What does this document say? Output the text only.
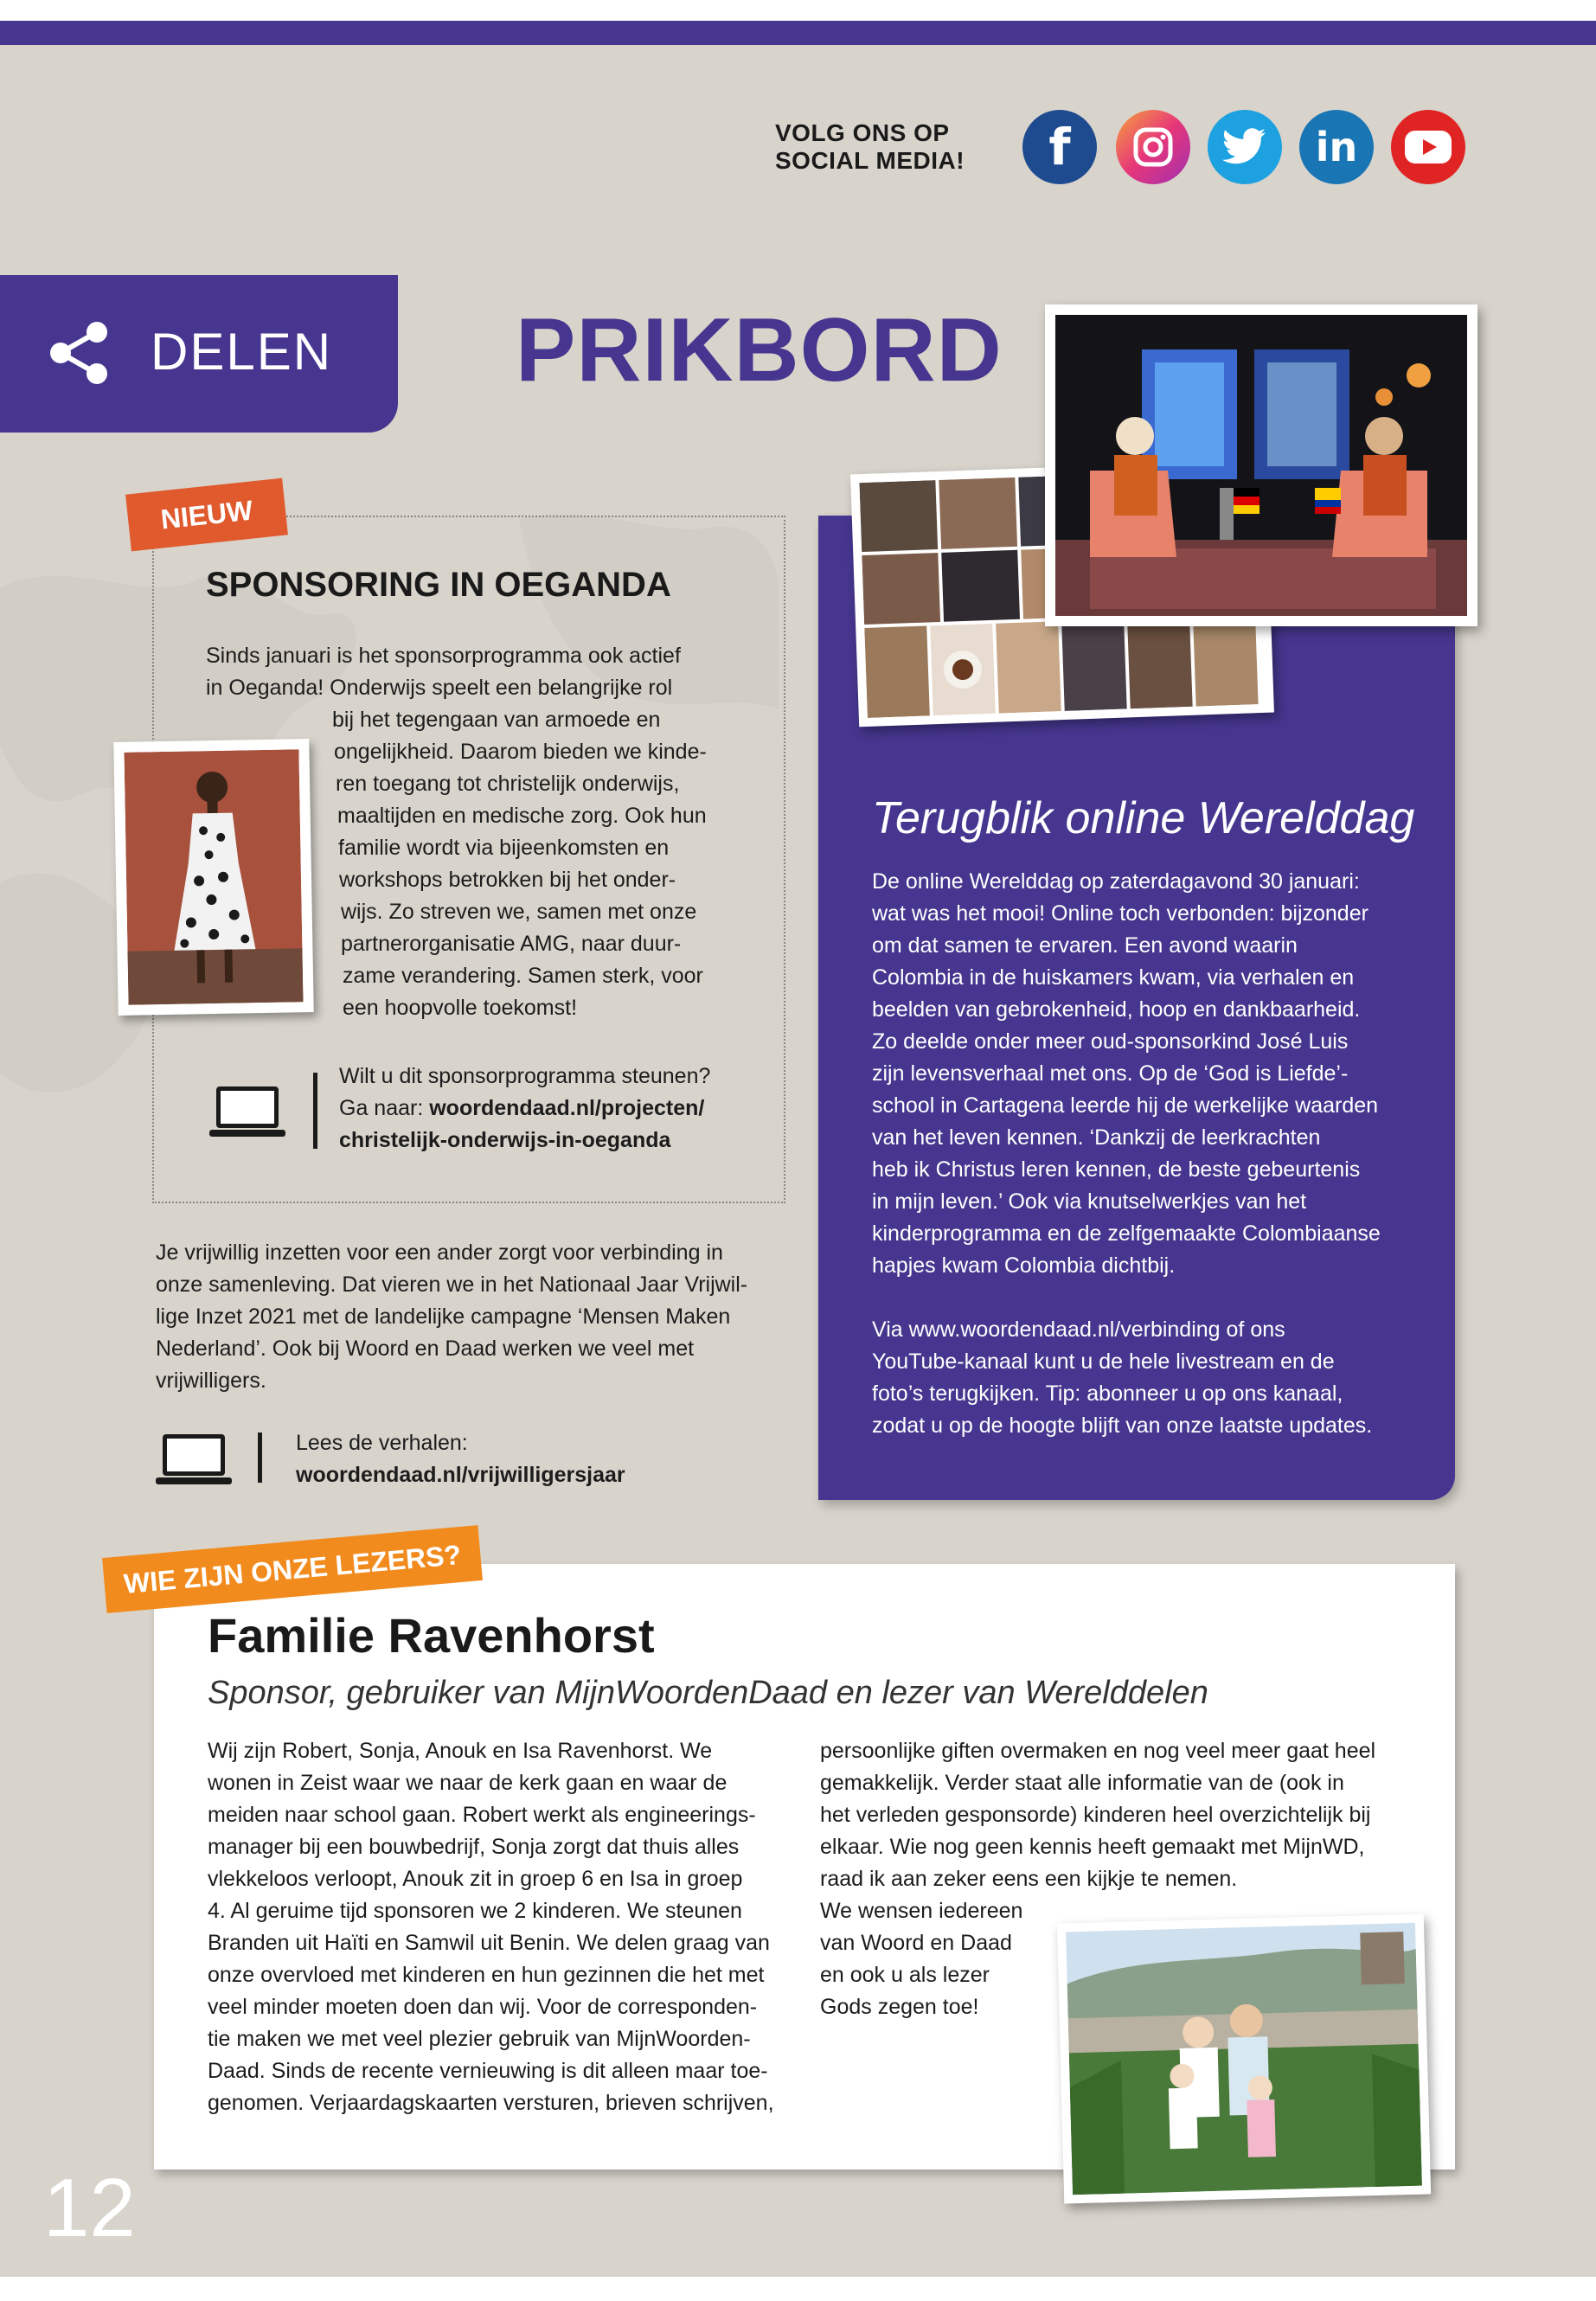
VOLG ONS OP
SOCIAL MEDIA!	f	in
DELEN PRIKBORD
NIEUW
SPONSORING IN OEGANDA
Sinds januari is het sponsorprogramma ook actief
in Oeganda! Onderwijs speelt een belangrijke rol
bij het tegengaan van armoede en
ongelijkheid. Daarom bieden we kinde-
ren toegang tot christelijk onderwijs,
maaltijden en medische zorg. Ook hun
familie wordt via bijeenkomsten en
workshops betrokken bij het onder-
wijs. Zo streven we, samen met onze
partnerorganisatie AMG, naar duur-
zame verandering. Samen sterk, voor
een hoopvolle toekomst!
Wilt u dit sponsorprogramma steunen?
Ga naar: woordendaad.nl/projecten/
christelijk-onderwijs-in-oeganda
Je vrijwillig inzetten voor een ander zorgt voor verbinding in
onze samenleving. Dat vieren we in het Nationaal Jaar Vrijwil-
lige Inzet 2021 met de landelijke campagne ‘Mensen Maken
Nederland’. Ook bij Woord en Daad werken we veel met
vrijwilligers.
Lees de verhalen:
woordendaad.nl/vrijwilligersjaar
Terugblik online Werelddag
De online Werelddag op zaterdagavond 30 januari:
wat was het mooi! Online toch verbonden: bijzonder
om dat samen te ervaren. Een avond waarin
Colombia in de huiskamers kwam, via verhalen en
beelden van gebrokenheid, hoop en dankbaarheid.
Zo deelde onder meer oud-sponsorkind José Luis
zijn levensverhaal met ons. Op de ‘God is Liefde’-
school in Cartagena leerde hij de werkelijke waarden
van het leven kennen. ‘Dankzij de leerkrachten
heb ik Christus leren kennen, de beste gebeurtenis
in mijn leven.’ Ook via knutselwerkjes van het
kinderprogramma en de zelfgemaakte Colombiaanse
hapjes kwam Colombia dichtbij.
Via www.woordendaad.nl/verbinding of ons
YouTube-kanaal kunt u de hele livestream en de
foto’s terugkijken. Tip: abonneer u op ons kanaal,
zodat u op de hoogte blijft van onze laatste updates.
WIE ZIJN ONZE LEZERS?
Familie Ravenhorst
Sponsor, gebruiker van MijnWoordenDaad en lezer van Werelddelen
Wij zijn Robert, Sonja, Anouk en Isa Ravenhorst. We
wonen in Zeist waar we naar de kerk gaan en waar de
meiden naar school gaan. Robert werkt als engineerings-
manager bij een bouwbedrijf, Sonja zorgt dat thuis alles
vlekkeloos verloopt, Anouk zit in groep 6 en Isa in groep
4. Al geruime tijd sponsoren we 2 kinderen. We steunen
Branden uit Haïti en Samwil uit Benin. We delen graag van
onze overvloed met kinderen en hun gezinnen die het met
veel minder moeten doen dan wij. Voor de corresponden-
tie maken we met veel plezier gebruik van MijnWoorden-
Daad. Sinds de recente vernieuwing is dit alleen maar toe-
genomen. Verjaardagskaarten versturen, brieven schrijven,
persoonlijke giften overmaken en nog veel meer gaat heel
gemakkelijk. Verder staat alle informatie van de (ook in
het verleden gesponsorde) kinderen heel overzichtelijk bij
elkaar. Wie nog geen kennis heeft gemaakt met MijnWD,
raad ik aan zeker eens een kijkje te nemen.
We wensen iedereen
van Woord en Daad
en ook u als lezer
Gods zegen toe!
12
